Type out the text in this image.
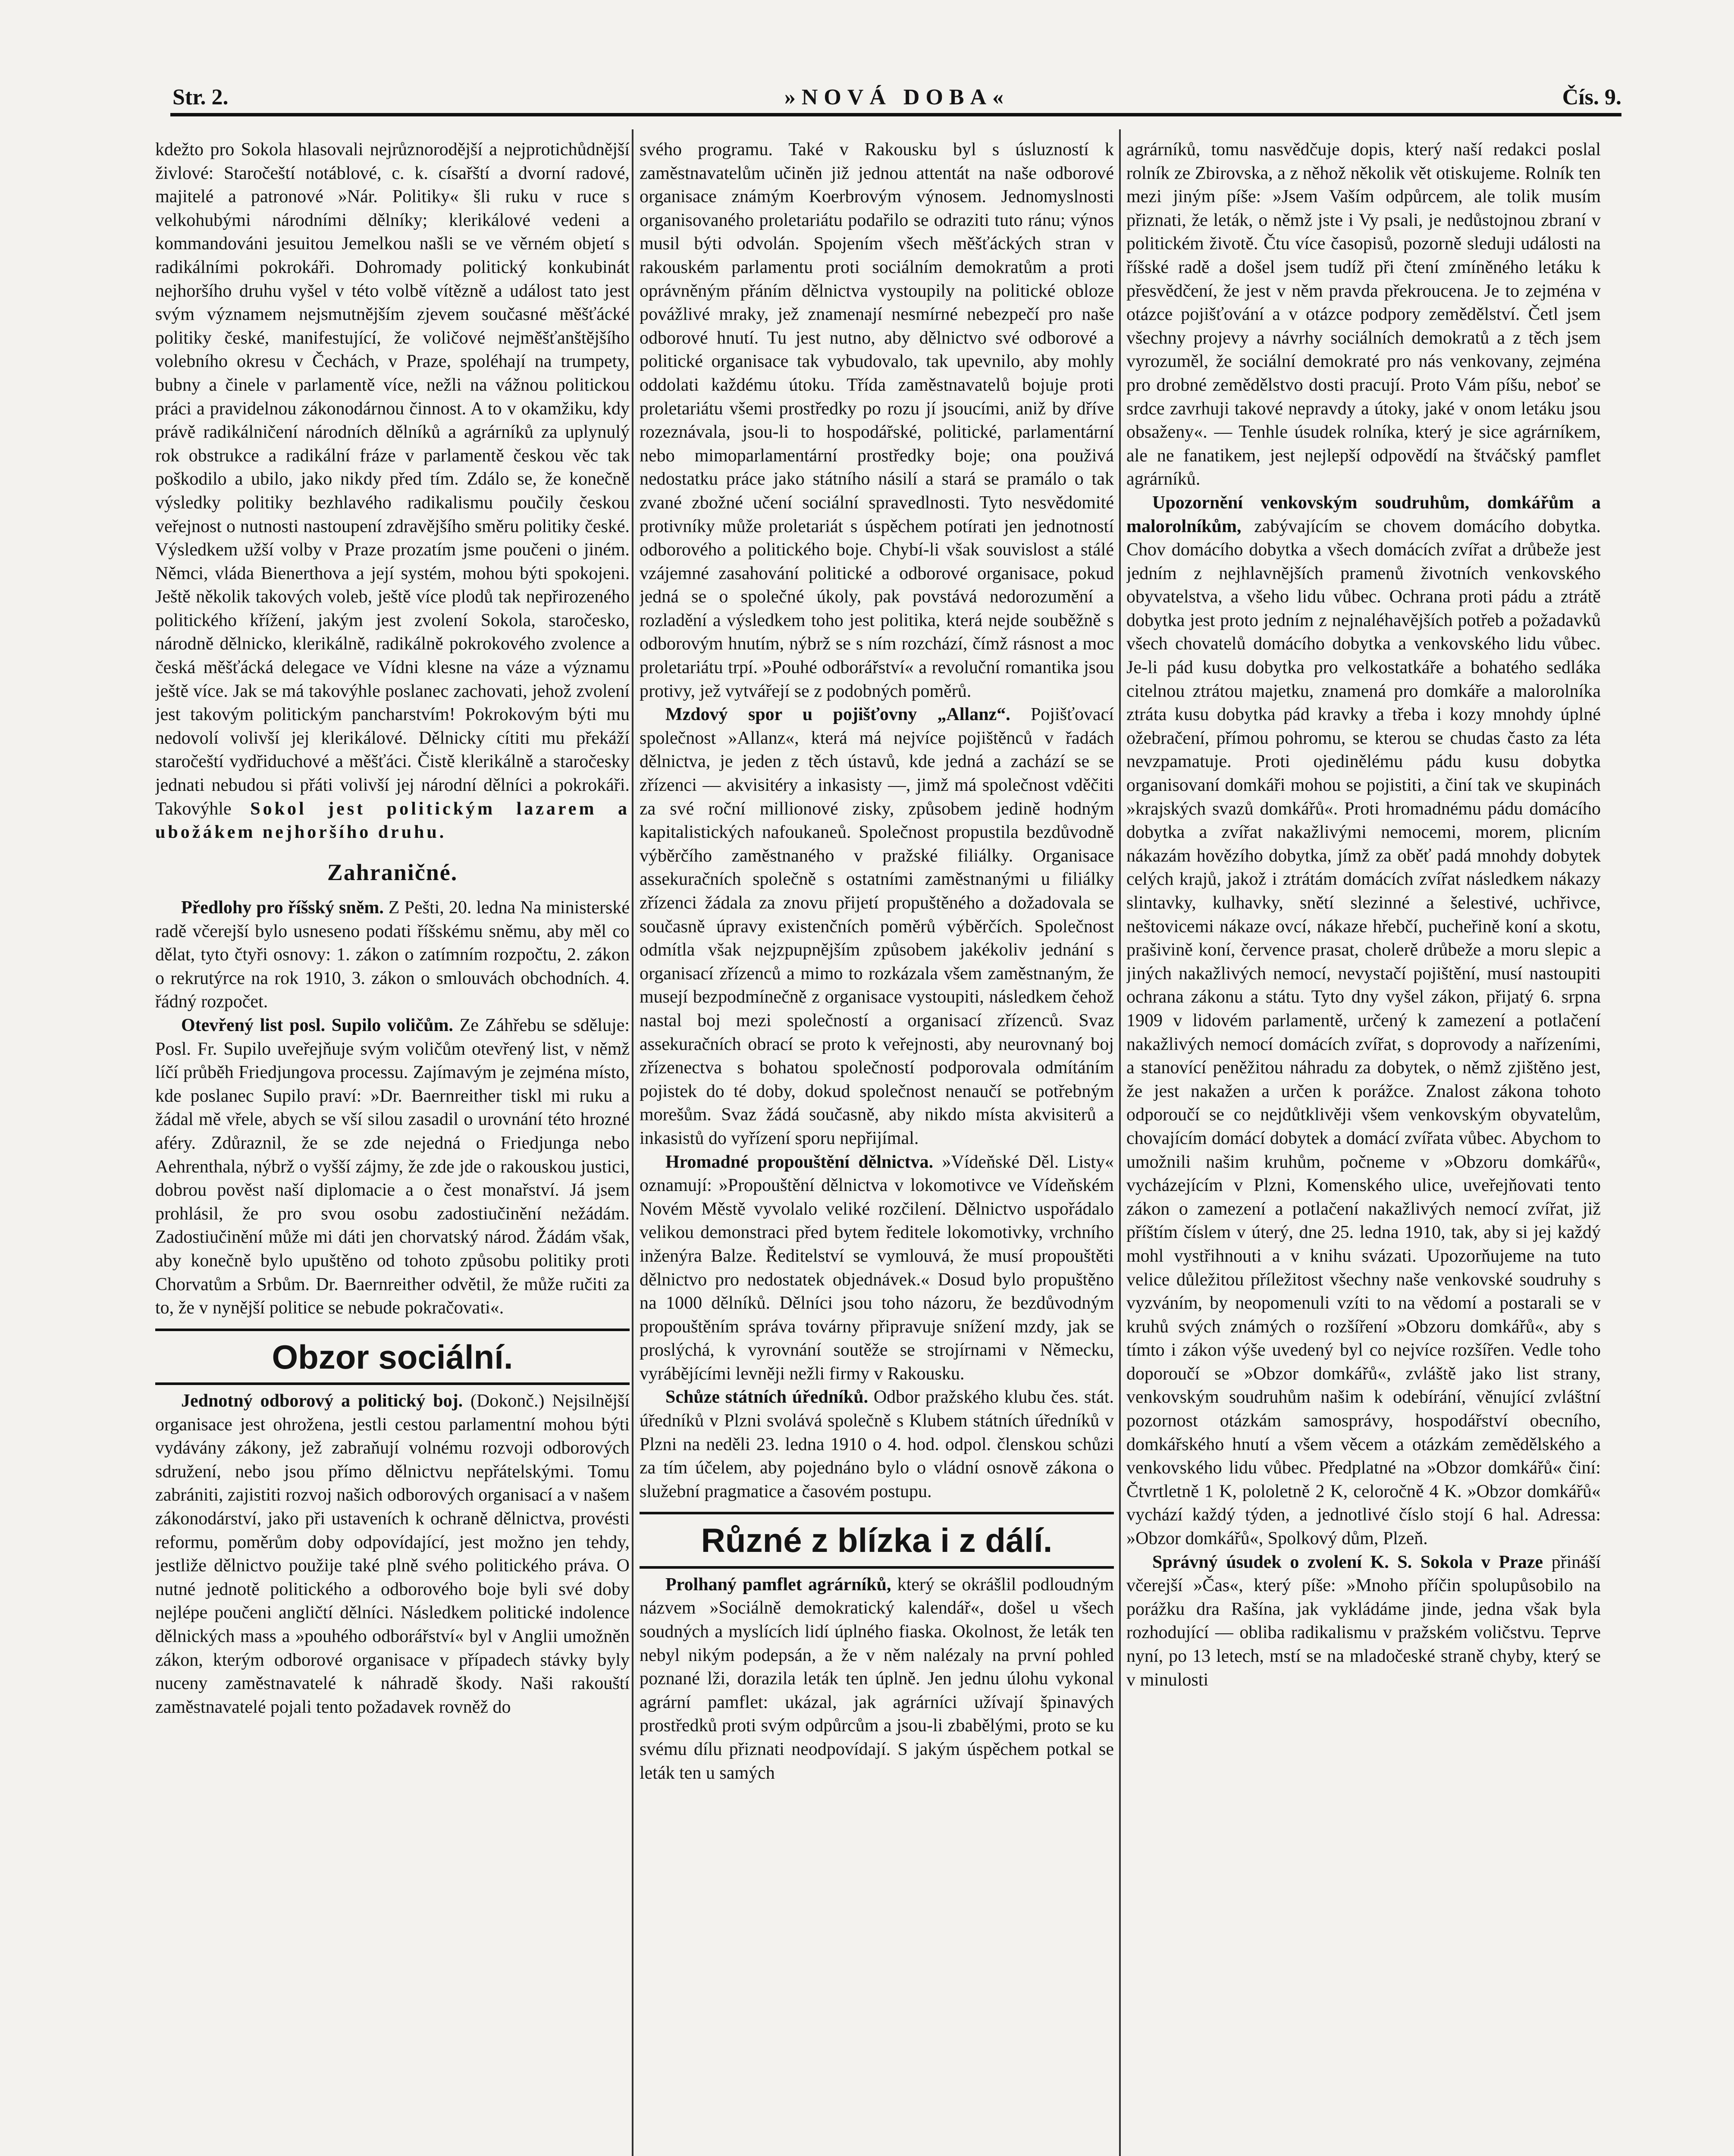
Str. 2.	»NOVÁ DOBA«	Čís. 9.

kdežto pro Sokola hlasovali nejrůznorodější a nejprotichůdnější živlové: Staročeští notáblové, c. k. císařští a dvorní radové, majitelé a patronové »Nár. Politiky« šli ruku v ruce s velkohubými národními dělníky; klerikálové vedeni a kommandováni jesuitou Jemelkou našli se ve věrném objetí s radikálními pokrokáři. Dohromady politický konkubinát nejhoršího druhu vyšel v této volbě vítězně a událost tato jest svým významem nejsmutnějším zjevem současné měšťácké politiky české, manifestující, že voličové nejměšťanštějšího volebního okresu v Čechách, v Praze, spoléhají na trumpety, bubny a činele v parlamentě více, nežli na vážnou politickou práci a pravidelnou zákonodárnou činnost. A to v okamžiku, kdy právě radikálničení národních dělníků a agrárníků za uplynulý rok obstrukce a radikální fráze v parlamentě českou věc tak poškodilo a ubilo, jako nikdy před tím. Zdálo se, že konečně výsledky politiky bezhlavého radikalismu poučily českou veřejnost o nutnosti nastoupení zdravějšího směru politiky české. Výsledkem užší volby v Praze prozatím jsme poučeni o jiném. Němci, vláda Bienerthova a její systém, mohou býti spokojeni. Ještě několik takových voleb, ještě více plodů tak nepřirozeného politického křížení, jakým jest zvolení Sokola, staročesko, národně dělnicko, klerikálně, radikálně pokrokového zvolence a česká měšťácká delegace ve Vídni klesne na váze a významu ještě více. Jak se má takovýhle poslanec zachovati, jehož zvolení jest takovým politickým pancharstvím! Pokrokovým býti mu nedovolí volivší jej klerikálové. Dělnicky cítiti mu překáží staročeští vydřiduchové a měšťáci. Čistě klerikálně a staročesky jednati nebudou si přáti volivší jej národní dělníci a pokrokáři. Takovýhle Sokol jest politickým lazarem a ubožákem nejhoršího druhu.

Zahraničné.

Předlohy pro říšský sněm. Z Pešti, 20. ledna Na ministerské radě včerejší bylo usneseno podati říšskému sněmu, aby měl co dělat, tyto čtyři osnovy: 1. zákon o zatímním rozpočtu, 2. zákon o rekrutýrce na rok 1910, 3. zákon o smlouvách obchodních. 4. řádný rozpočet.

Otevřený list posl. Supilo voličům. Ze Záhřebu se sděluje: Posl. Fr. Supilo uveřejňuje svým voličům otevřený list, v němž líčí průběh Friedjungova processu. Zajímavým je zejména místo, kde poslanec Supilo praví: »Dr. Baernreither tiskl mi ruku a žádal mě vřele, abych se vší silou zasadil o urovnání této hrozné aféry. Zdůraznil, že se zde nejedná o Friedjunga nebo Aehrenthala, nýbrž o vyšší zájmy, že zde jde o rakouskou justici, dobrou pověst naší diplomacie a o čest monařství. Já jsem prohlásil, že pro svou osobu zadostiučinění nežádám. Zadostiučinění může mi dáti jen chorvatský národ. Žádám však, aby konečně bylo upuštěno od tohoto způsobu politiky proti Chorvatům a Srbům. Dr. Baernreither odvětil, že může ručiti za to, že v nynější politice se nebude pokračovati«.

Obzor sociální.

Jednotný odborový a politický boj. (Dokonč.) Nejsilnější organisace jest ohrožena, jestli cestou parlamentní mohou býti vydávány zákony, jež zabraňují volnému rozvoji odborových sdružení, nebo jsou přímo dělnictvu nepřátelskými. Tomu zabrániti, zajistiti rozvoj našich odborových organisací a v našem zákonodárství, jako při ustaveních k ochraně dělnictva, provésti reformu, poměrům doby odpovídající, jest možno jen tehdy, jestliže dělnictvo použije také plně svého politického práva. O nutné jednotě politického a odborového boje byli své doby nejlépe poučeni angličtí dělníci. Následkem politické indolence dělnických mass a »pouhého odborářství« byl v Anglii umožněn zákon, kterým odborové organisace v případech stávky byly nuceny zaměstnavatelé k náhradě škody. Naši rakouští zaměstnavatelé pojali tento požadavek rovněž do

svého programu. Také v Rakousku byl s úsluzností k zaměstnavatelům učiněn již jednou attentát na naše odborové organisace známým Koerbrovým výnosem. Jednomyslnosti organisovaného proletariátu podařilo se odraziti tuto ránu; výnos musil býti odvolán. Spojením všech měšťáckých stran v rakouském parlamentu proti sociálním demokratům a proti oprávněným přáním dělnictva vystoupily na politické obloze povážlivé mraky, jež znamenají nesmírné nebezpečí pro naše odborové hnutí. Tu jest nutno, aby dělnictvo své odborové a politické organisace tak vybudovalo, tak upevnilo, aby mohly oddolati každému útoku. Třída zaměstnavatelů bojuje proti proletariátu všemi prostředky po rozu jí jsoucími, aniž by dříve rozeznávala, jsou-li to hospodářské, politické, parlamentární nebo mimoparlamentární prostředky boje; ona použivá nedostatku práce jako státního násilí a stará se pramálo o tak zvané zbožné učení sociální spravedlnosti. Tyto nesvědomité protivníky může proletariát s úspěchem potírati jen jednotností odborového a politického boje. Chybí-li však souvislost a stálé vzájemné zasahování politické a odborové organisace, pokud jedná se o společné úkoly, pak povstává nedorozumění a rozladění a výsledkem toho jest politika, která nejde souběžně s odborovým hnutím, nýbrž se s ním rozchází, čímž rásnost a moc proletariátu trpí. »Pouhé odborářství« a revoluční romantika jsou protivy, jež vytvářejí se z podobných poměrů.

Mzdový spor u pojišťovny „Allanz“. Pojišťovací společnost »Allanz«, která má nejvíce pojištěnců v řadách dělnictva, je jeden z těch ústavů, kde jedná a zachází se se zřízenci — akvisitéry a inkasisty —, jimž má společnost vděčiti za své roční millionové zisky, způsobem jedině hodným kapitalistických nafoukaneů. Společnost propustila bezdůvodně výběrčího zaměstnaného v pražské filiálky. Organisace assekuračních společně s ostatními zaměstnanými u filiálky zřízenci žádala za znovu přijetí propuštěného a dožadovala se současně úpravy existenčních poměrů výběrčích. Společnost odmítla však nejzpupnějším způsobem jakékoliv jednání s organisací zřízenců a mimo to rozkázala všem zaměstnaným, že musejí bezpodmínečně z organisace vystoupiti, následkem čehož nastal boj mezi společností a organisací zřízenců. Svaz assekuračních obrací se proto k veřejnosti, aby neurovnaný boj zřízenectva s bohatou společností podporovala odmítáním pojistek do té doby, dokud společnost nenaučí se potřebným morešům. Svaz žádá současně, aby nikdo místa akvisiterů a inkasistů do vyřízení sporu nepřijímal.

Hromadné propouštění dělnictva. »Vídeňské Děl. Listy« oznamují: »Propouštění dělnictva v lokomotivce ve Vídeňském Novém Městě vyvolalo veliké rozčilení. Dělnictvo uspořádalo velikou demonstraci před bytem ředitele lokomotivky, vrchního inženýra Balze. Ředitelství se vymlouvá, že musí propouštěti dělnictvo pro nedostatek objednávek.« Dosud bylo propuštěno na 1000 dělníků. Dělníci jsou toho názoru, že bezdůvodným propouštěním správa továrny připravuje snížení mzdy, jak se proslýchá, k vyrovnání soutěže se strojírnami v Německu, vyrábějícími levněji nežli firmy v Rakousku.

Schůze státních úředníků. Odbor pražského klubu čes. stát. úředníků v Plzni svolává společně s Klubem státních úředníků v Plzni na neděli 23. ledna 1910 o 4. hod. odpol. členskou schůzi za tím účelem, aby pojednáno bylo o vládní osnově zákona o služební pragmatice a časovém postupu.

Různé z blízka i z dálí.

Prolhaný pamflet agrárníků, který se okrášlil podloudným názvem »Sociálně demokratický kalendář«, došel u všech soudných a myslících lidí úplného fiaska. Okolnost, že leták ten nebyl nikým podepsán, a že v něm nalézaly na první pohled poznané lži, dorazila leták ten úplně. Jen jednu úlohu vykonal agrární pamflet: ukázal, jak agrárníci užívají špinavých prostředků proti svým odpůrcům a jsou-li zbabělými, proto se ku svému dílu přiznati neodpovídají. S jakým úspěchem potkal se leták ten u samých

agrárníků, tomu nasvědčuje dopis, který naší redakci poslal rolník ze Zbirovska, a z něhož několik vět otiskujeme. Rolník ten mezi jiným píše: »Jsem Vaším odpůrcem, ale tolik musím přiznati, že leták, o němž jste i Vy psali, je nedůstojnou zbraní v politickém životě. Čtu více časopisů, pozorně sleduji události na říšské radě a došel jsem tudíž při čtení zmíněného letáku k přesvědčení, že jest v něm pravda překroucena. Je to zejména v otázce pojišťování a v otázce podpory zemědělství. Četl jsem všechny projevy a návrhy sociálních demokratů a z těch jsem vyrozuměl, že sociální demokraté pro nás venkovany, zejména pro drobné zemědělstvo dosti pracují. Proto Vám píšu, neboť se srdce zavrhuji takové nepravdy a útoky, jaké v onom letáku jsou obsaženy«. — Tenhle úsudek rolníka, který je sice agrárníkem, ale ne fanatikem, jest nejlepší odpovědí na štváčský pamflet agrárníků.

Upozornění venkovským soudruhům, domkářům a malorolníkům, zabývajícím se chovem domácího dobytka. Chov domácího dobytka a všech domácích zvířat a drůbeže jest jedním z nejhlavnějších pramenů životních venkovského obyvatelstva, a všeho lidu vůbec. Ochrana proti pádu a ztrátě dobytka jest proto jedním z nejnaléhavějších potřeb a požadavků všech chovatelů domácího dobytka a venkovského lidu vůbec. Je-li pád kusu dobytka pro velkostatkáře a bohatého sedláka citelnou ztrátou majetku, znamená pro domkáře a malorolníka ztráta kusu dobytka pád kravky a třeba i kozy mnohdy úplné ožebračení, přímou pohromu, se kterou se chudas často za léta nevzpamatuje. Proti ojedinělému pádu kusu dobytka organisovaní domkáři mohou se pojistiti, a činí tak ve skupinách »krajských svazů domkářů«. Proti hromadnému pádu domácího dobytka a zvířat nakažlivými nemocemi, morem, plicním nákazám hovězího dobytka, jímž za oběť padá mnohdy dobytek celých krajů, jakož i ztrátám domácích zvířat následkem nákazy slintavky, kulhavky, snětí slezinné a šelestivé, uchřivce, neštovicemi nákaze ovcí, nákaze hřebčí, pucheřině koní a skotu, prašivině koní, července prasat, cholerě drůbeže a moru slepic a jiných nakažlivých nemocí, nevystačí pojištění, musí nastoupiti ochrana zákonu a státu. Tyto dny vyšel zákon, přijatý 6. srpna 1909 v lidovém parlamentě, určený k zamezení a potlačení nakažlivých nemocí domácích zvířat, s doprovody a nařízeními, a stanovící peněžitou náhradu za dobytek, o němž zjištěno jest, že jest nakažen a určen k porážce. Znalost zákona tohoto odporoučí se co nejdůtklivěji všem venkovským obyvatelům, chovajícím domácí dobytek a domácí zvířata vůbec. Abychom to umožnili našim kruhům, počneme v »Obzoru domkářů«, vycházejícím v Plzni, Komenského ulice, uveřejňovati tento zákon o zamezení a potlačení nakažlivých nemocí zvířat, již příštím číslem v úterý, dne 25. ledna 1910, tak, aby si jej každý mohl vystřihnouti a v knihu svázati. Upozorňujeme na tuto velice důležitou příležitost všechny naše venkovské soudruhy s vyzváním, by neopomenuli vzíti to na vědomí a postarali se v kruhů svých známých o rozšíření »Obzoru domkářů«, aby s tímto i zákon výše uvedený byl co nejvíce rozšířen. Vedle toho doporoučí se »Obzor domkářů«, zvláště jako list strany, venkovským soudruhům našim k odebírání, věnující zvláštní pozornost otázkám samosprávy, hospodářství obecního, domkářského hnutí a všem věcem a otázkám zemědělského a venkovského lidu vůbec. Předplatné na »Obzor domkářů« činí: Čtvrtletně 1 K, pololetně 2 K, celoročně 4 K. »Obzor domkářů« vychází každý týden, a jednotlivé číslo stojí 6 hal. Adressa: »Obzor domkářů«, Spolkový dům, Plzeň.

Správný úsudek o zvolení K. S. Sokola v Praze přináší včerejší »Čas«, který píše: »Mnoho příčin spolupůsobilo na porážku dra Rašína, jak vykládáme jinde, jedna však byla rozhodující — obliba radikalismu v pražském voličstvu. Teprve nyní, po 13 letech, mstí se na mladočeské straně chyby, který se v minulosti
